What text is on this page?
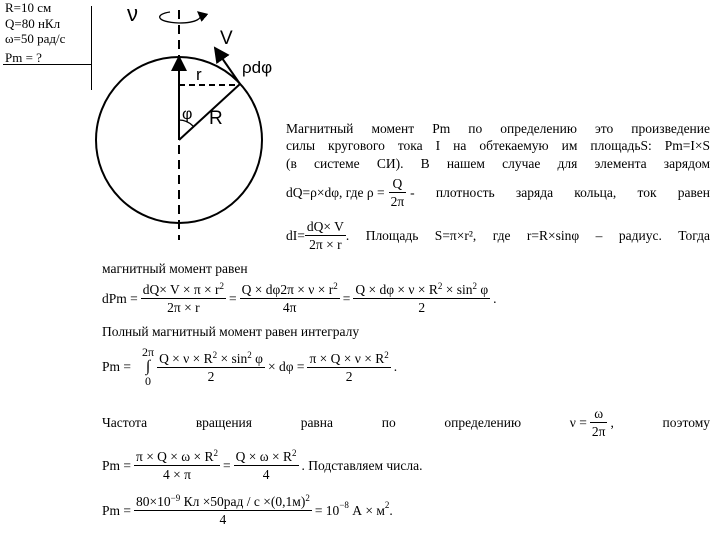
R=10 см
Q=80 нКл
ω=50 рад/с
Pm = ?
ν
V
r ρdφ
φ R	Магнитный момент Pm по определению это произведение
силы кругового тока I на обтекаемую им площадьS: Pm=I×S
(в системе СИ). В нашем случае для элемента зарядом
dQ=ρ×dφ, где $\rho = \frac{Q}{2\pi}$ - плотность заряда кольца, ток равен
$dI= \frac{dQ\times V}{2\pi \times r}$ . Площадь S=π×r², где r=R×sinφ – радиус. Тогда
магнитный момент равен
dPm = $\frac{dQ\times V \times \pi \times r^2}{2\pi \times r} = \frac{Q \times d\varphi 2\pi \times \nu \times r^2}{4\pi} = \frac{Q \times d\varphi \times \nu \times R^2 \times \sin^2 \varphi}{2}$ .
Полный магнитный момент равен интегралу
Pm =
2π
∫
$0 \frac{Q \times \nu \times R^2 \times \sin^2 \varphi}{2} \times d\varphi = \frac{\pi \times Q \times \nu \times R^2}{2}$ .
Частота	вращения	равна	по	определению	$\nu = \frac{\omega}{2\pi}$ ,	поэтому
$Pm = \frac{\pi \times Q \times \omega \times R^2}{4 \times \pi} = \frac{Q \times \omega \times R^2}{4}$ . Подставляем числа.
$Pm = \frac{80\times 10^{-9} Кл \times 50рад / с \times(0,1м)^2}{4} = 10^{-8}$ $А \times м^2$.
